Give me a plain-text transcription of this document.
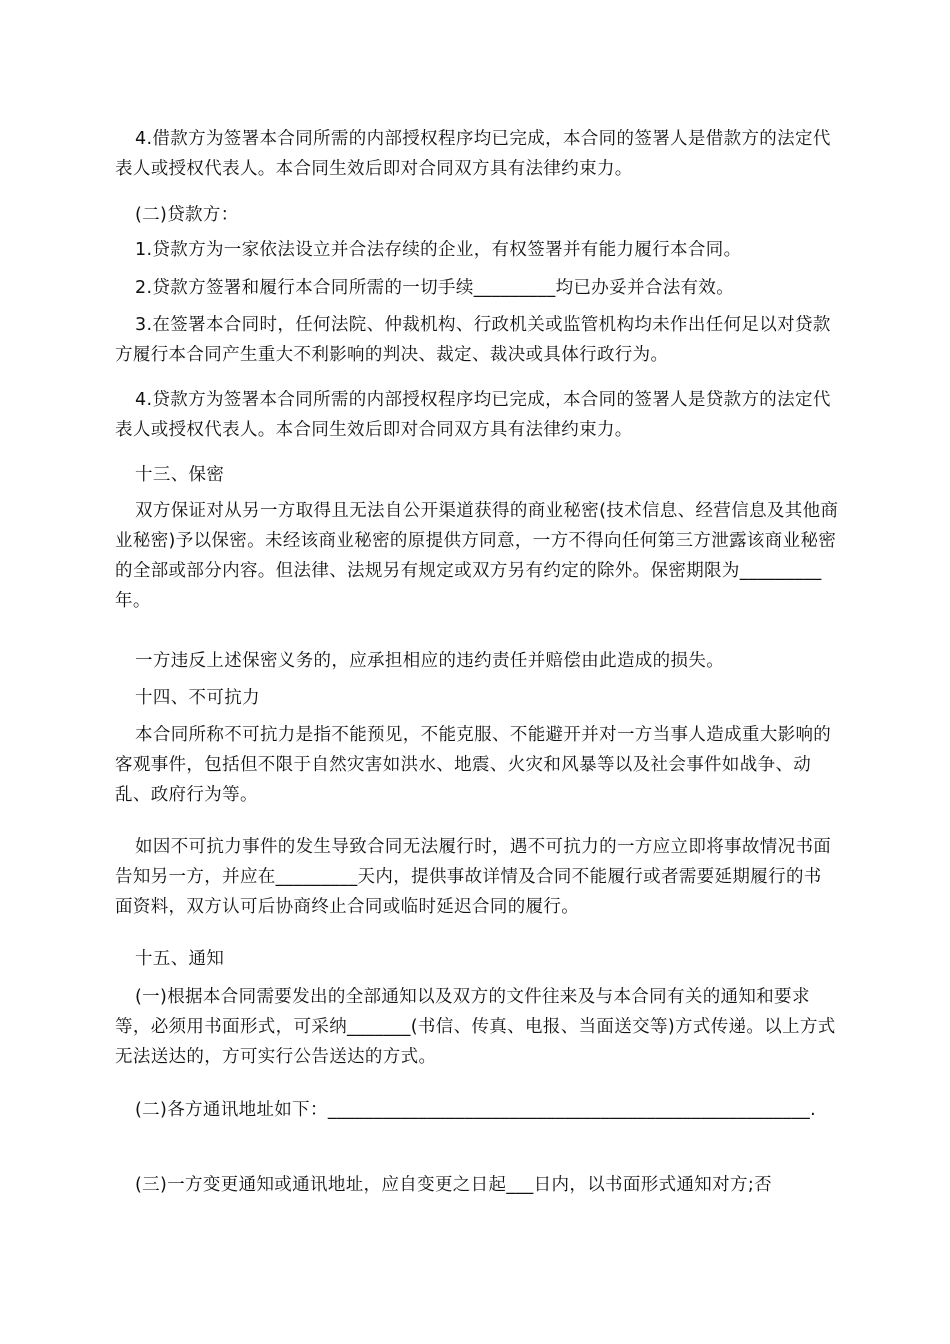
4.借款方为签署本合同所需的内部授权程序均已完成，本合同的签署人是借款方的法定代表人或授权代表人。本合同生效后即对合同双方具有法律约束力。

(二)贷款方：

1.贷款方为一家依法设立并合法存续的企业，有权签署并有能力履行本合同。

2.贷款方签署和履行本合同所需的一切手续_________均已办妥并合法有效。

3.在签署本合同时，任何法院、仲裁机构、行政机关或监管机构均未作出任何足以对贷款方履行本合同产生重大不利影响的判决、裁定、裁决或具体行政行为。

4.贷款方为签署本合同所需的内部授权程序均已完成，本合同的签署人是贷款方的法定代表人或授权代表人。本合同生效后即对合同双方具有法律约束力。

十三、保密

双方保证对从另一方取得且无法自公开渠道获得的商业秘密(技术信息、经营信息及其他商业秘密)予以保密。未经该商业秘密的原提供方同意，一方不得向任何第三方泄露该商业秘密的全部或部分内容。但法律、法规另有规定或双方另有约定的除外。保密期限为_________年。

一方违反上述保密义务的，应承担相应的违约责任并赔偿由此造成的损失。

十四、不可抗力

本合同所称不可抗力是指不能预见，不能克服、不能避开并对一方当事人造成重大影响的客观事件，包括但不限于自然灾害如洪水、地震、火灾和风暴等以及社会事件如战争、动乱、政府行为等。

如因不可抗力事件的发生导致合同无法履行时，遇不可抗力的一方应立即将事故情况书面告知另一方，并应在_________天内，提供事故详情及合同不能履行或者需要延期履行的书面资料，双方认可后协商终止合同或临时延迟合同的履行。

十五、通知

(一)根据本合同需要发出的全部通知以及双方的文件往来及与本合同有关的通知和要求等，必须用书面形式，可采纳_______(书信、传真、电报、当面送交等)方式传递。以上方式无法送达的，方可实行公告送达的方式。

(二)各方通讯地址如下：_____________________________________________________.

(三)一方变更通知或通讯地址，应自变更之日起___日内，以书面形式通知对方;否
